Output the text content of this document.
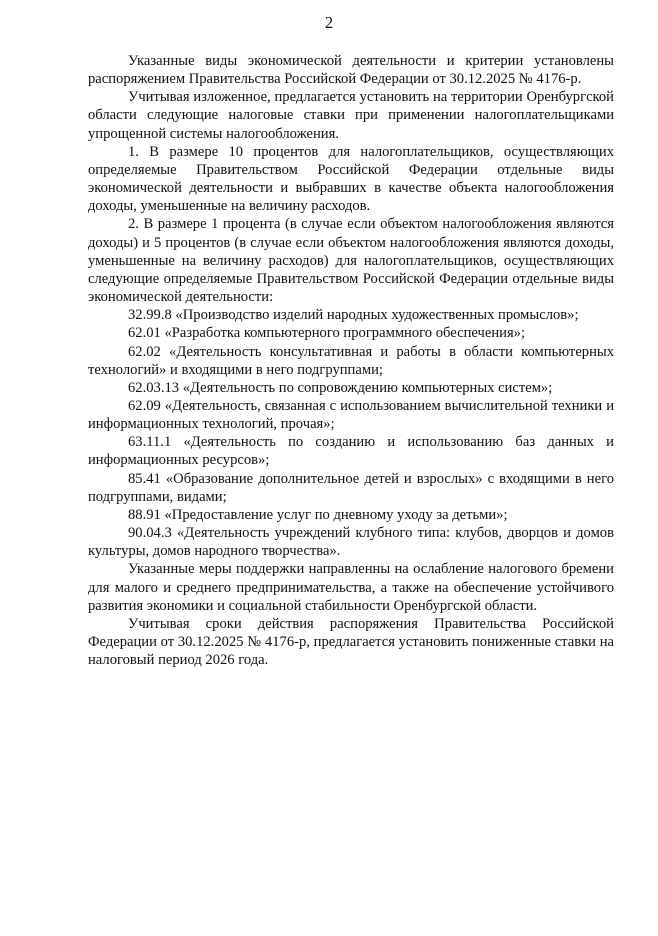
2

Указанные виды экономической деятельности и критерии установлены распоряжением Правительства Российской Федерации от 30.12.2025 № 4176-р.

Учитывая изложенное, предлагается установить на территории Оренбургской области следующие налоговые ставки при применении налогоплательщиками упрощенной системы налогообложения.

1. В размере 10 процентов для налогоплательщиков, осуществляющих определяемые Правительством Российской Федерации отдельные виды экономической деятельности и выбравших в качестве объекта налогообложения доходы, уменьшенные на величину расходов.

2. В размере 1 процента (в случае если объектом налогообложения являются доходы) и 5 процентов (в случае если объектом налогообложения являются доходы, уменьшенные на величину расходов) для налогоплательщиков, осуществляющих следующие определяемые Правительством Российской Федерации отдельные виды экономической деятельности:

32.99.8 «Производство изделий народных художественных промыслов»;

62.01 «Разработка компьютерного программного обеспечения»;

62.02 «Деятельность консультативная и работы в области компьютерных технологий» и входящими в него подгруппами;

62.03.13 «Деятельность по сопровождению компьютерных систем»;

62.09 «Деятельность, связанная с использованием вычислительной техники и информационных технологий, прочая»;

63.11.1 «Деятельность по созданию и использованию баз данных и информационных ресурсов»;

85.41 «Образование дополнительное детей и взрослых» с входящими в него подгруппами, видами;

88.91 «Предоставление услуг по дневному уходу за детьми»;

90.04.3 «Деятельность учреждений клубного типа: клубов, дворцов и домов культуры, домов народного творчества».

Указанные меры поддержки направленны на ослабление налогового бремени для малого и среднего предпринимательства, а также на обеспечение устойчивого развития экономики и социальной стабильности Оренбургской области.

Учитывая сроки действия распоряжения Правительства Российской Федерации от 30.12.2025 № 4176-р, предлагается установить пониженные ставки на налоговый период 2026 года.
